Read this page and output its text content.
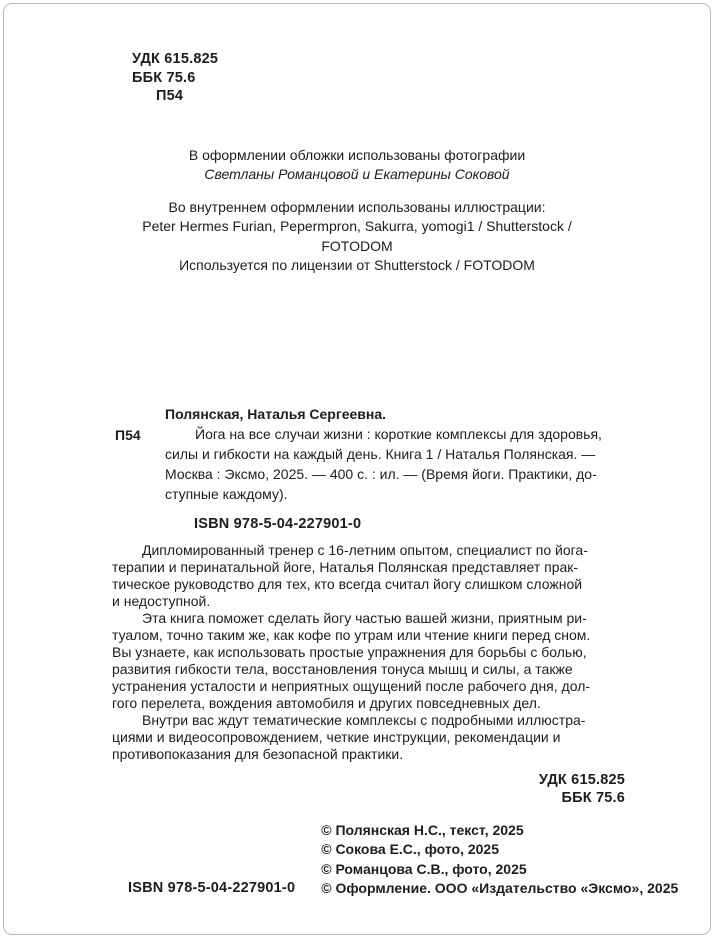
УДК 615.825
ББК 75.6
П54
В оформлении обложки использованы фотографии
Светланы Романцовой и Екатерины Соковой
Во внутреннем оформлении использованы иллюстрации:
Peter Hermes Furian, Pepermpron, Sakurra, yomogi1 / Shutterstock / FOTODOM
Используется по лицензии от Shutterstock / FOTODOM
Полянская, Наталья Сергеевна.
П54	Йога на все случаи жизни : короткие комплексы для здоровья,
силы и гибкости на каждый день. Книга 1 / Наталья Полянская. —
Москва : Эксмо, 2025. — 400 с. : ил. — (Время йоги. Практики, до-
ступные каждому).
ISBN 978-5-04-227901-0
Дипломированный тренер с 16-летним опытом, специалист по йога-
терапии и перинатальной йоге, Наталья Полянская представляет прак-
тическое руководство для тех, кто всегда считал йогу слишком сложной
и недоступной.
Эта книга поможет сделать йогу частью вашей жизни, приятным ри-
туалом, точно таким же, как кофе по утрам или чтение книги перед сном.
Вы узнаете, как использовать простые упражнения для борьбы с болью,
развития гибкости тела, восстановления тонуса мышц и силы, а также
устранения усталости и неприятных ощущений после рабочего дня, дол-
гого перелета, вождения автомобиля и других повседневных дел.
Внутри вас ждут тематические комплексы с подробными иллюстра-
циями и видеосопровождением, четкие инструкции, рекомендации и
противопоказания для безопасной практики.
УДК 615.825
ББК 75.6
ISBN 978-5-04-227901-0
© Полянская Н.С., текст, 2025
© Сокова Е.С., фото, 2025
© Романцова С.В., фото, 2025
© Оформление. ООО «Издательство «Эксмо», 2025
